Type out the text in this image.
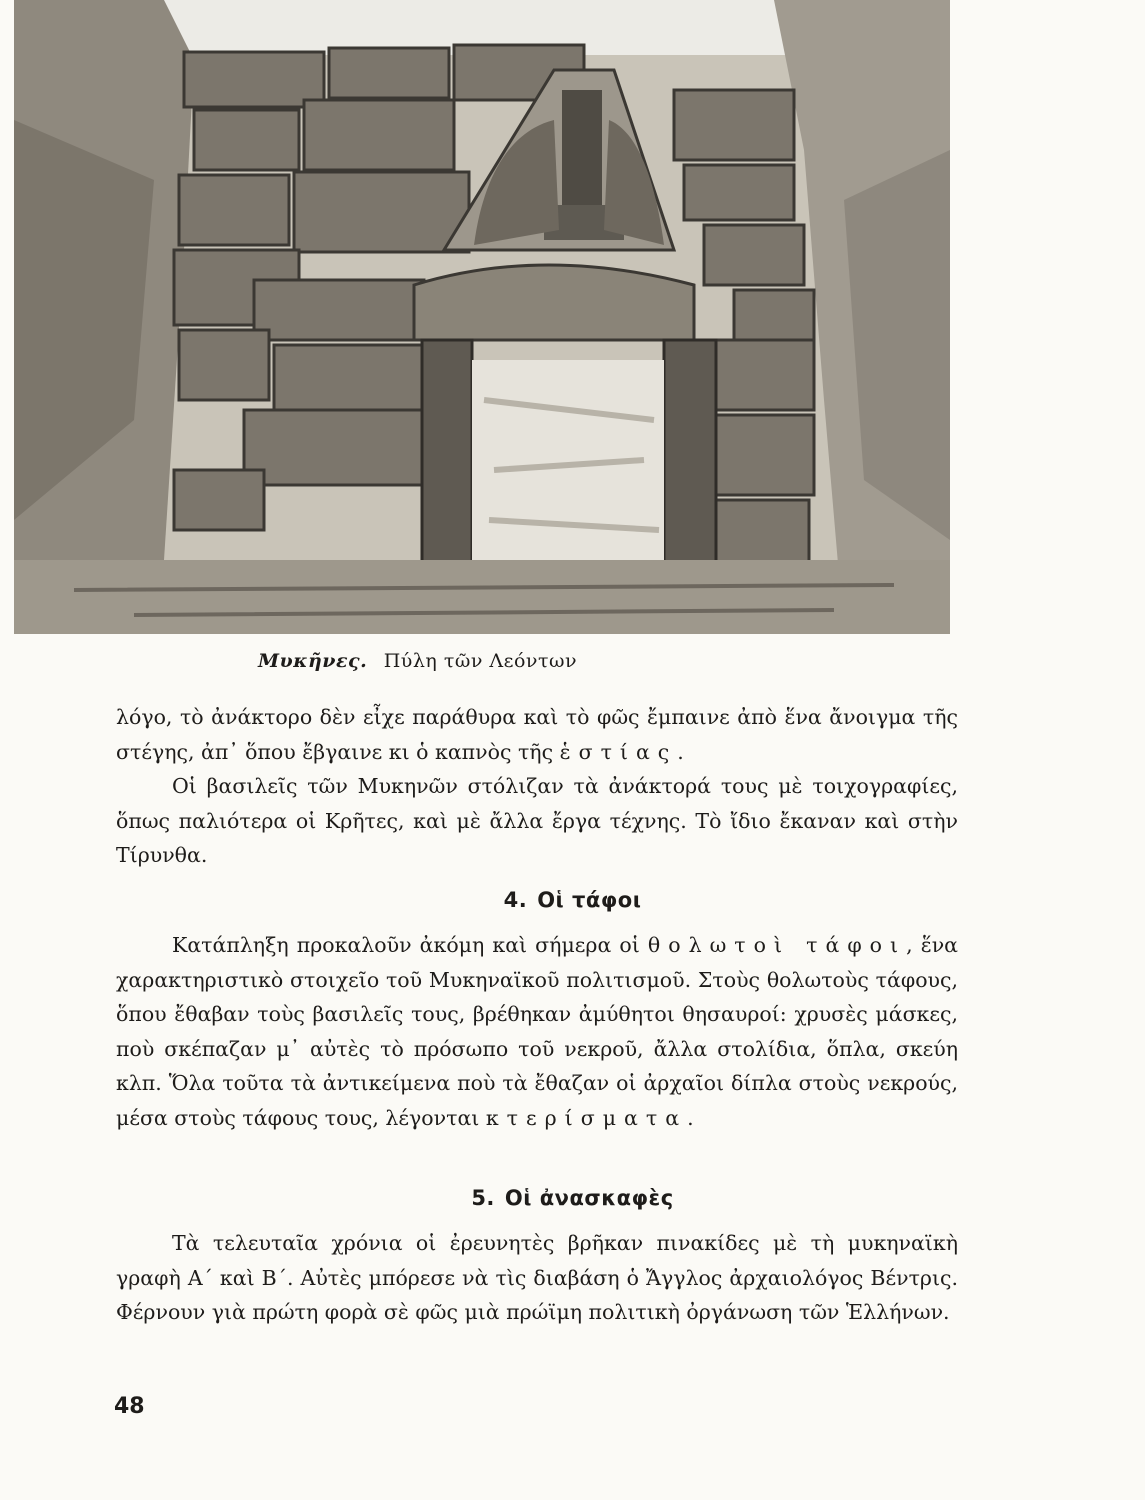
Μυκῆνες. Πύλη τῶν Λεόντων

λόγο, τὸ ἀνάκτορο δὲν εἶχε παράθυρα καὶ τὸ φῶς ἔμπαινε ἀπὸ ἕνα ἄνοιγμα τῆς στέγης, ἀπ᾽ ὅπου ἔβγαινε κι ὁ καπνὸς τῆς ἑστίας.

Οἱ βασιλεῖς τῶν Μυκηνῶν στόλιζαν τὰ ἀνάκτορά τους μὲ τοιχογραφίες, ὅπως παλιότερα οἱ Κρῆτες, καὶ μὲ ἄλλα ἔργα τέχνης. Τὸ ἴδιο ἔκαναν καὶ στὴν Τίρυνθα.

4. Οἱ τάφοι

Κατάπληξη προκαλοῦν ἀκόμη καὶ σήμερα οἱ θολωτοὶ τάφοι, ἕνα χαρακτηριστικὸ στοιχεῖο τοῦ Μυκηναϊκοῦ πολιτισμοῦ. Στοὺς θολωτοὺς τάφους, ὅπου ἔθαβαν τοὺς βασιλεῖς τους, βρέθηκαν ἀμύθητοι θησαυροί: χρυσὲς μάσκες, ποὺ σκέπαζαν μ᾽ αὐτὲς τὸ πρόσωπο τοῦ νεκροῦ, ἄλλα στολίδια, ὅπλα, σκεύη κλπ. Ὅλα τοῦτα τὰ ἀντικείμενα ποὺ τὰ ἔθαζαν οἱ ἀρχαῖοι δίπλα στοὺς νεκρούς, μέσα στοὺς τάφους τους, λέγονται κτερίσματα.

5. Οἱ ἀνασκαφὲς

Τὰ τελευταῖα χρόνια οἱ ἐρευνητὲς βρῆκαν πινακίδες μὲ τὴ μυκηναϊκὴ γραφὴ Α΄ καὶ Β΄. Αὐτὲς μπόρεσε νὰ τὶς διαβάση ὁ Ἄγγλος ἀρχαιολόγος Βέντρις. Φέρνουν γιὰ πρώτη φορὰ σὲ φῶς μιὰ πρώϊμη πολιτικὴ ὀργάνωση τῶν Ἑλλήνων.

48
